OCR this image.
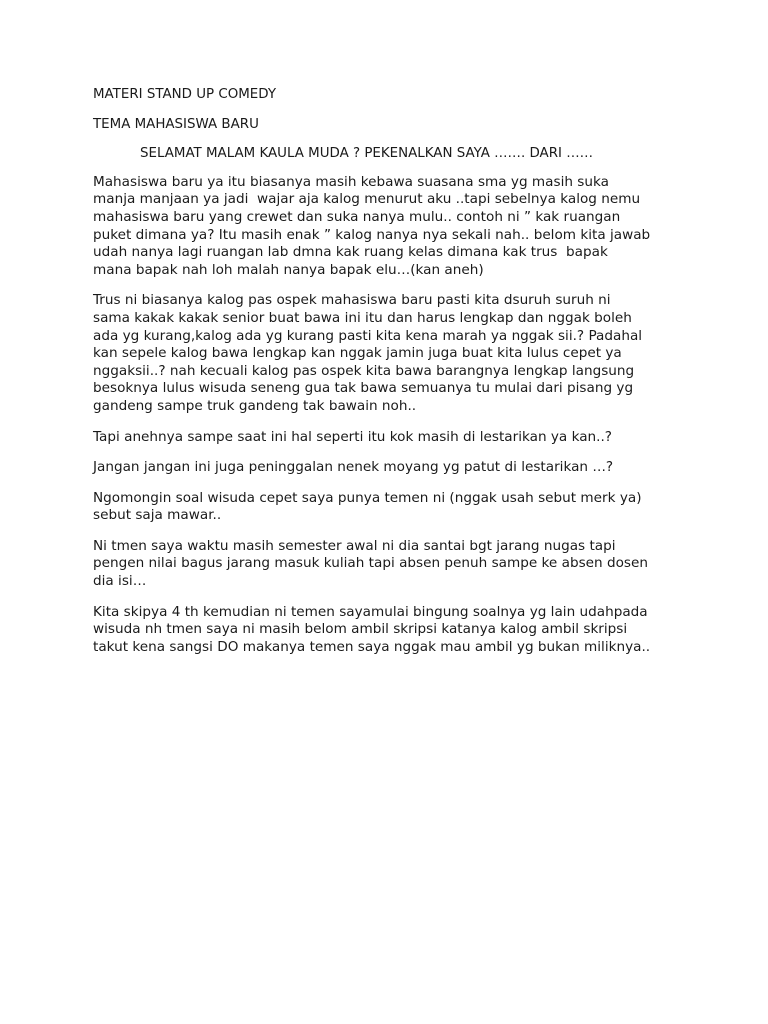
MATERI STAND UP COMEDY

TEMA MAHASISWA BARU

SELAMAT MALAM KAULA MUDA ? PEKENALKAN SAYA ……. DARI ……

Mahasiswa baru ya itu biasanya masih kebawa suasana sma yg masih suka
manja manjaan ya jadi  wajar aja kalog menurut aku ..tapi sebelnya kalog nemu
mahasiswa baru yang crewet dan suka nanya mulu.. contoh ni ” kak ruangan
puket dimana ya? Itu masih enak ” kalog nanya nya sekali nah.. belom kita jawab
udah nanya lagi ruangan lab dmna kak ruang kelas dimana kak trus  bapak
mana bapak nah loh malah nanya bapak elu…(kan aneh)

Trus ni biasanya kalog pas ospek mahasiswa baru pasti kita dsuruh suruh ni
sama kakak kakak senior buat bawa ini itu dan harus lengkap dan nggak boleh
ada yg kurang,kalog ada yg kurang pasti kita kena marah ya nggak sii.? Padahal
kan sepele kalog bawa lengkap kan nggak jamin juga buat kita lulus cepet ya
nggaksii..? nah kecuali kalog pas ospek kita bawa barangnya lengkap langsung
besoknya lulus wisuda seneng gua tak bawa semuanya tu mulai dari pisang yg
gandeng sampe truk gandeng tak bawain noh..

Tapi anehnya sampe saat ini hal seperti itu kok masih di lestarikan ya kan..?

Jangan jangan ini juga peninggalan nenek moyang yg patut di lestarikan …?

Ngomongin soal wisuda cepet saya punya temen ni (nggak usah sebut merk ya)
sebut saja mawar..

Ni tmen saya waktu masih semester awal ni dia santai bgt jarang nugas tapi
pengen nilai bagus jarang masuk kuliah tapi absen penuh sampe ke absen dosen
dia isi…

Kita skipya 4 th kemudian ni temen sayamulai bingung soalnya yg lain udahpada
wisuda nh tmen saya ni masih belom ambil skripsi katanya kalog ambil skripsi
takut kena sangsi DO makanya temen saya nggak mau ambil yg bukan miliknya..
